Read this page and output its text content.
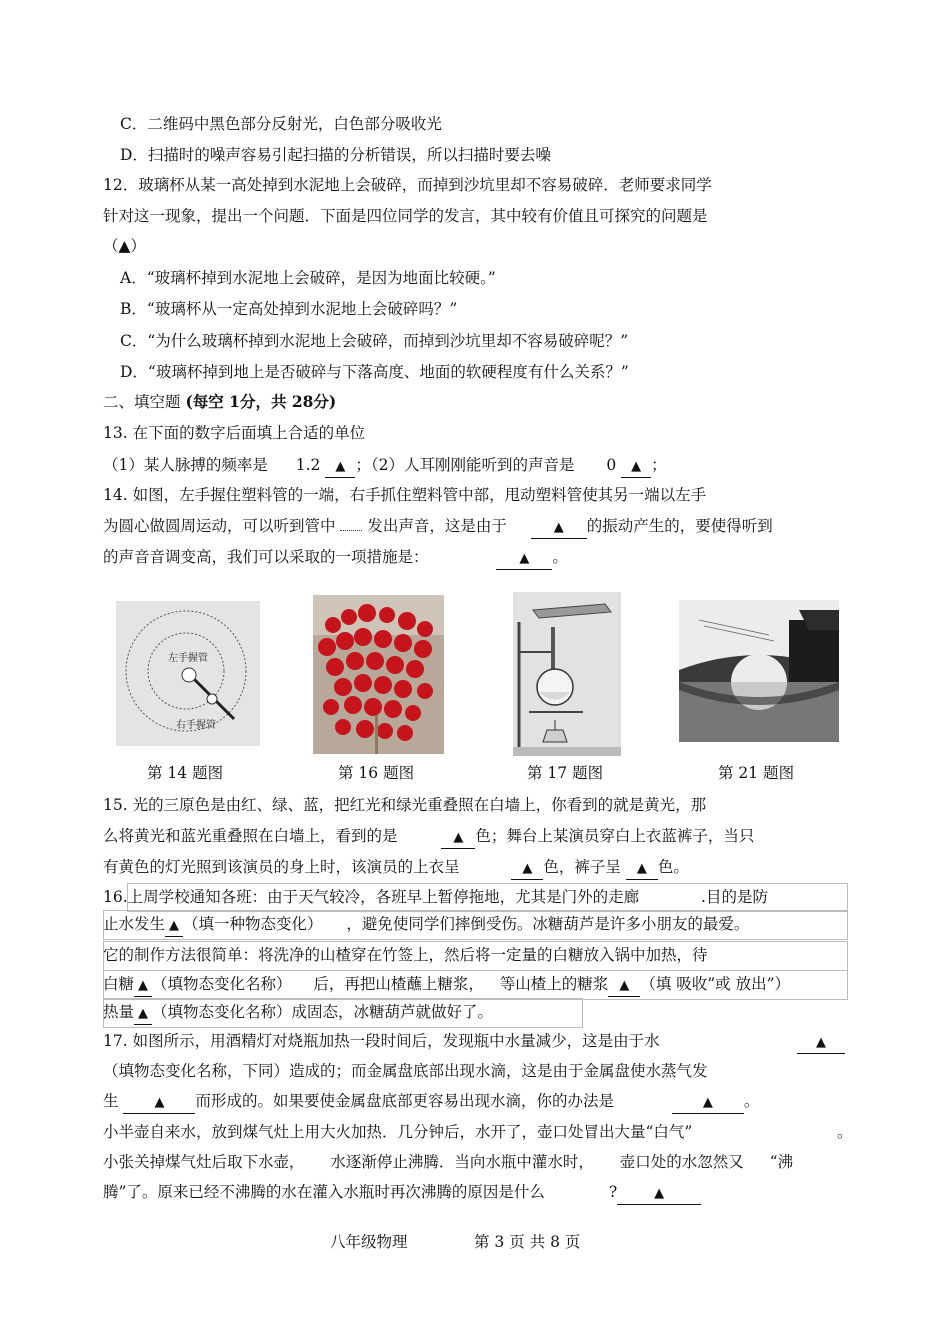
C．二维码中黑色部分反射光，白色部分吸收光
D．扫描时的噪声容易引起扫描的分析错误，所以扫描时要去噪
12．玻璃杯从某一高处掉到水泥地上会破碎，而掉到沙坑里却不容易破碎．老师要求同学
针对这一现象，提出一个问题．下面是四位同学的发言，其中较有价值且可探究的问题是
（▲）
A．“玻璃杯掉到水泥地上会破碎，是因为地面比较硬。”
B．“玻璃杯从一定高处掉到水泥地上会破碎吗？”
C．“为什么玻璃杯掉到水泥地上会破碎，而掉到沙坑里却不容易破碎呢？”
D．“玻璃杯掉到地上是否破碎与下落高度、地面的软硬程度有什么关系？”
二、填空题 (每空 1分，共 28分)
13. 在下面的数字后面填上合适的单位
（1）某人脉搏的频率是 1.2 ▲ ；（2）人耳刚刚能听到的声音是 0 ▲ ；
14. 如图，左手握住塑料管的一端，右手抓住塑料管中部，甩动塑料管使其另一端以左手
为圆心做圆周运动，可以听到管中 发出声音，这是由于	▲ 的振动产生的，要使得听到
的声音音调变高，我们可以采取的一项措施是：	▲ 。
左手握管
右手握管
第 14 题图	第 16 题图	第 17 题图	第 21 题图
15. 光的三原色是由红、绿、蓝，把红光和绿光重叠照在白墙上，你看到的就是黄光，那
么将黄光和蓝光重叠照在白墙上，看到的是	▲ 色；舞台上某演员穿白上衣蓝裤子，当只
有黄色的灯光照到该演员的身上时，该演员的上衣呈	▲ 色，裤子呈 ▲ 色。
16.上周学校通知各班：由于天气较冷，各班早上暂停拖地，尤其是门外的走廊	.目的是防
止水发生 ▲ （填一种物态变化） ，避免使同学们摔倒受伤。冰糖葫芦是许多小朋友的最爱。
它的制作方法很简单：将洗净的山楂穿在竹签上，然后将一定量的白糖放入锅中加热，待
白糖 ▲ （填物态变化名称） 后，再把山楂蘸上糖浆， 等山楂上的糖浆 ▲ （填 吸收”或 放出”）
热量 ▲ （填物态变化名称）成固态，冰糖葫芦就做好了。
17. 如图所示，用酒精灯对烧瓶加热一段时间后，发现瓶中水量减少，这是由于水	▲
（填物态变化名称，下同）造成的；而金属盘底部出现水滴，这是由于金属盘使水蒸气发
生	▲ 而形成的。如果要使金属盘底部更容易出现水滴，你的办法是	▲ 。
小半壶自来水，放到煤气灶上用大火加热．几分钟后，水开了，壶口处冒出大量“白气”	。
小张关掉煤气灶后取下水壶， 水逐渐停止沸腾．当向水瓶中灌水时， 壶口处的水忽然又 “沸
腾”了。原来已经不沸腾的水在灌入水瓶时再次沸腾的原因是什么	?	▲
八年级物理	第 3 页 共 8 页
